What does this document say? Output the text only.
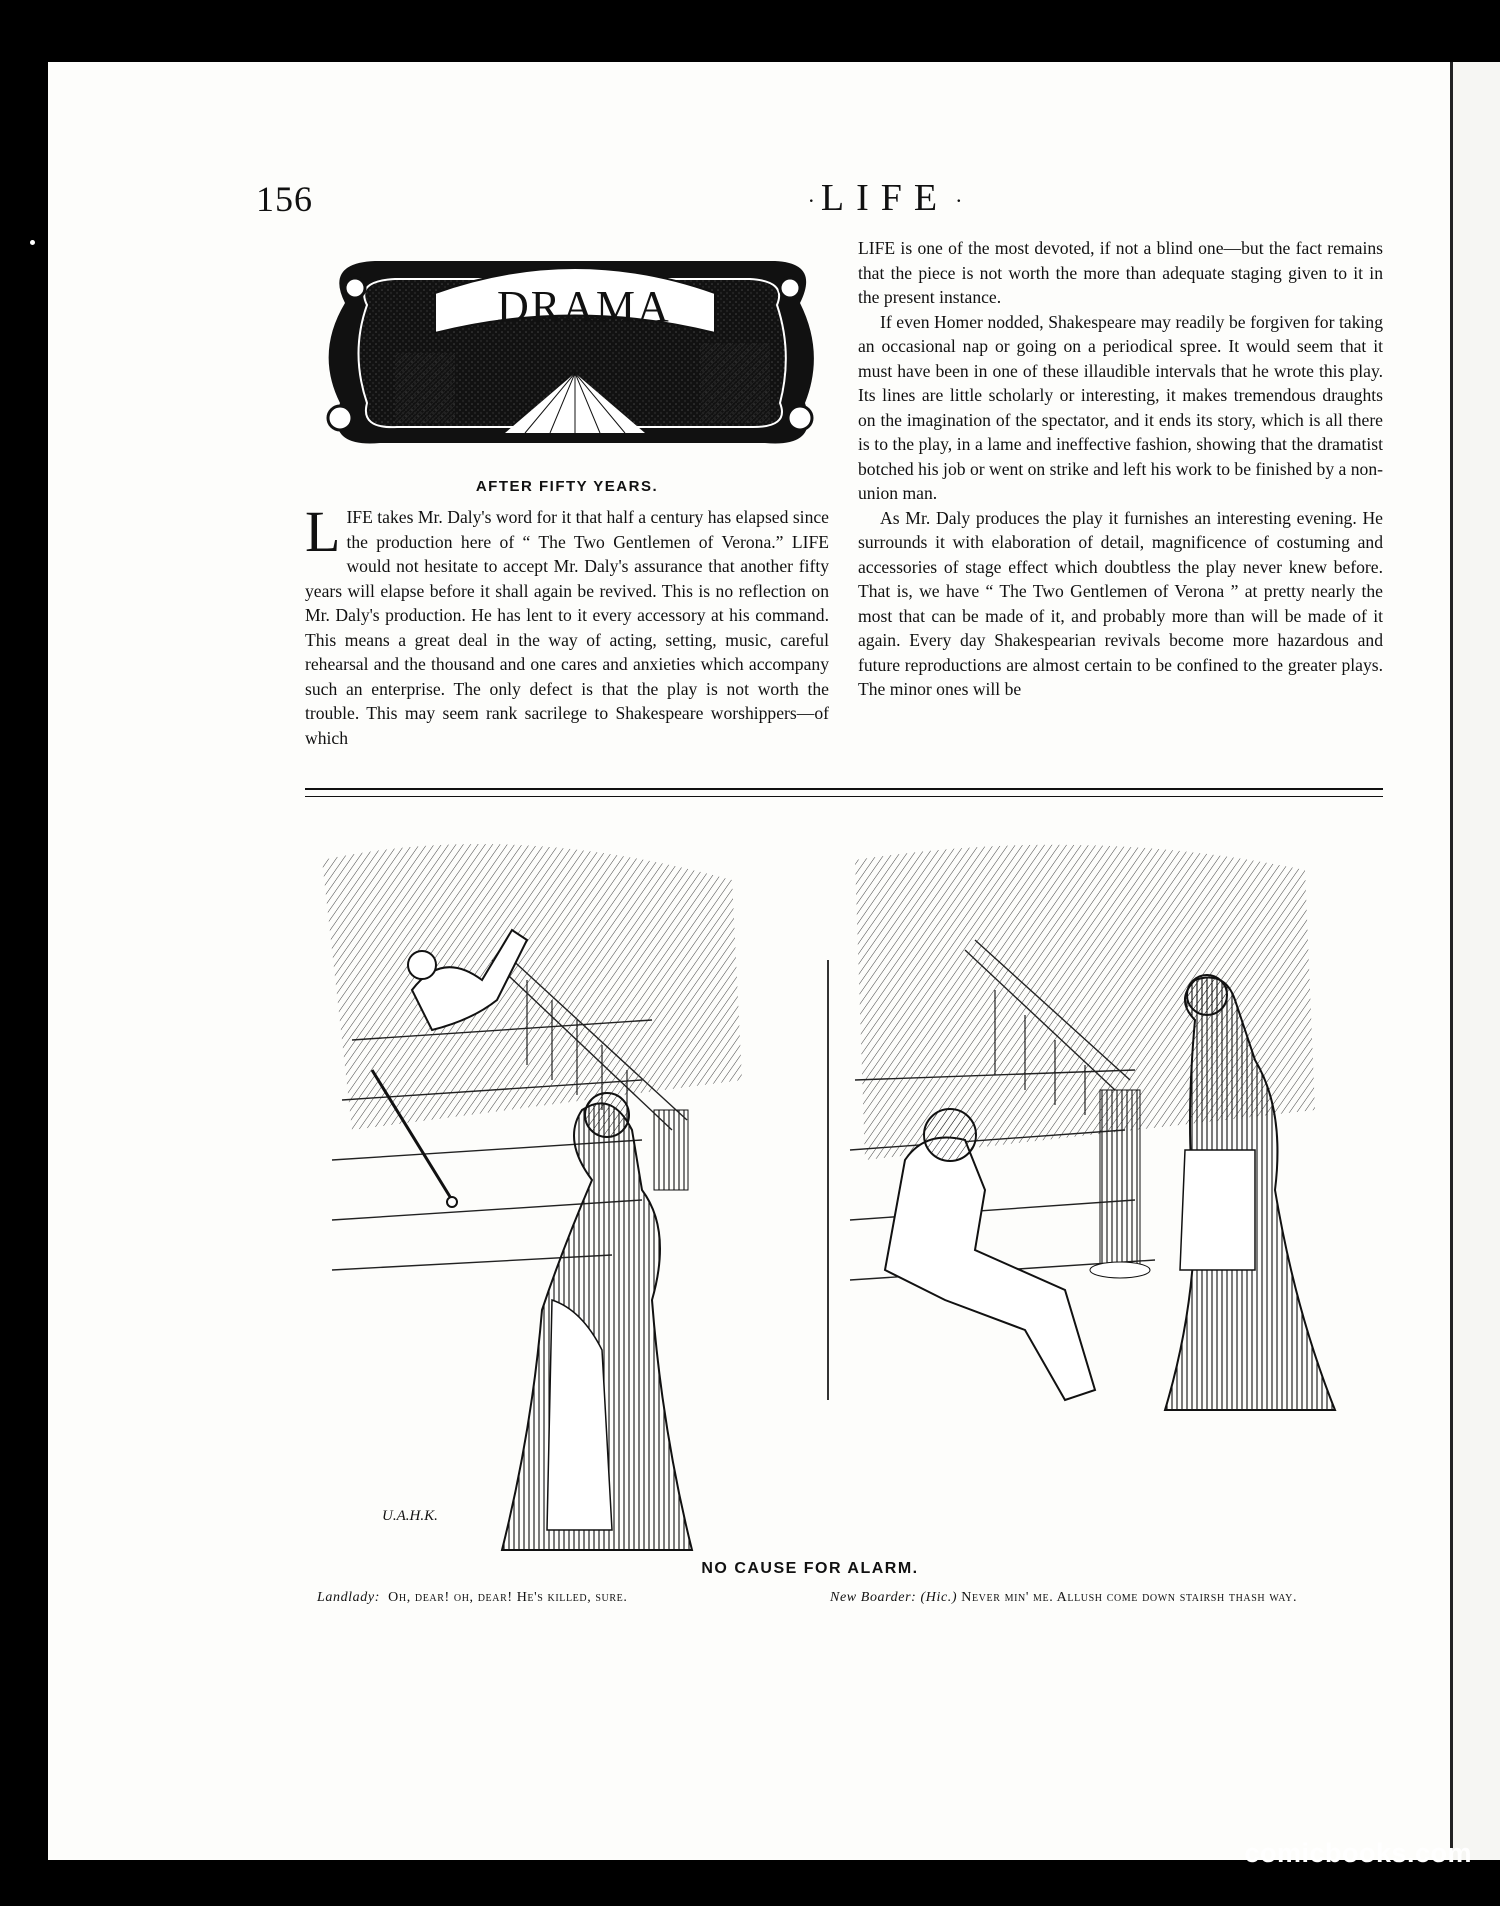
156	· LIFE ·
DRAMA
AFTER FIFTY YEARS.

LIFE takes Mr. Daly's word for it that half a century has elapsed since the production here of “ The Two Gentlemen of Verona.” LIFE would not hesitate to accept Mr. Daly's assurance that another fifty years will elapse before it shall again be revived. This is no reflection on Mr. Daly's production. He has lent to it every accessory at his command. This means a great deal in the way of acting, setting, music, careful rehearsal and the thousand and one cares and anxieties which accompany such an enterprise. The only defect is that the play is not worth the trouble. This may seem rank sacrilege to Shakespeare worshippers—of which

LIFE is one of the most devoted, if not a blind one—but the fact remains that the piece is not worth the more than adequate staging given to it in the present instance.

If even Homer nodded, Shakespeare may readily be forgiven for taking an occasional nap or going on a periodical spree. It would seem that it must have been in one of these illaudible intervals that he wrote this play. Its lines are little scholarly or interesting, it makes tremendous draughts on the imagination of the spectator, and it ends its story, which is all there is to the play, in a lame and ineffective fashion, showing that the dramatist botched his job or went on strike and left his work to be finished by a non-union man.

As Mr. Daly produces the play it furnishes an interesting evening. He surrounds it with elaboration of detail, magnificence of costuming and accessories of stage effect which doubtless the play never knew before. That is, we have “ The Two Gentlemen of Verona ” at pretty nearly the most that can be made of it, and probably more than will be made of it again. Every day Shakespearian revivals become more hazardous and future reproductions are almost certain to be confined to the greater plays. The minor ones will be

U.A.H.K.
NO CAUSE FOR ALARM.
Landlady: Oh, dear! oh, dear! He's killed, sure.	New Boarder: (Hic.) Never min' me. Allush come down stairsh thash way.
comicbooks.com
